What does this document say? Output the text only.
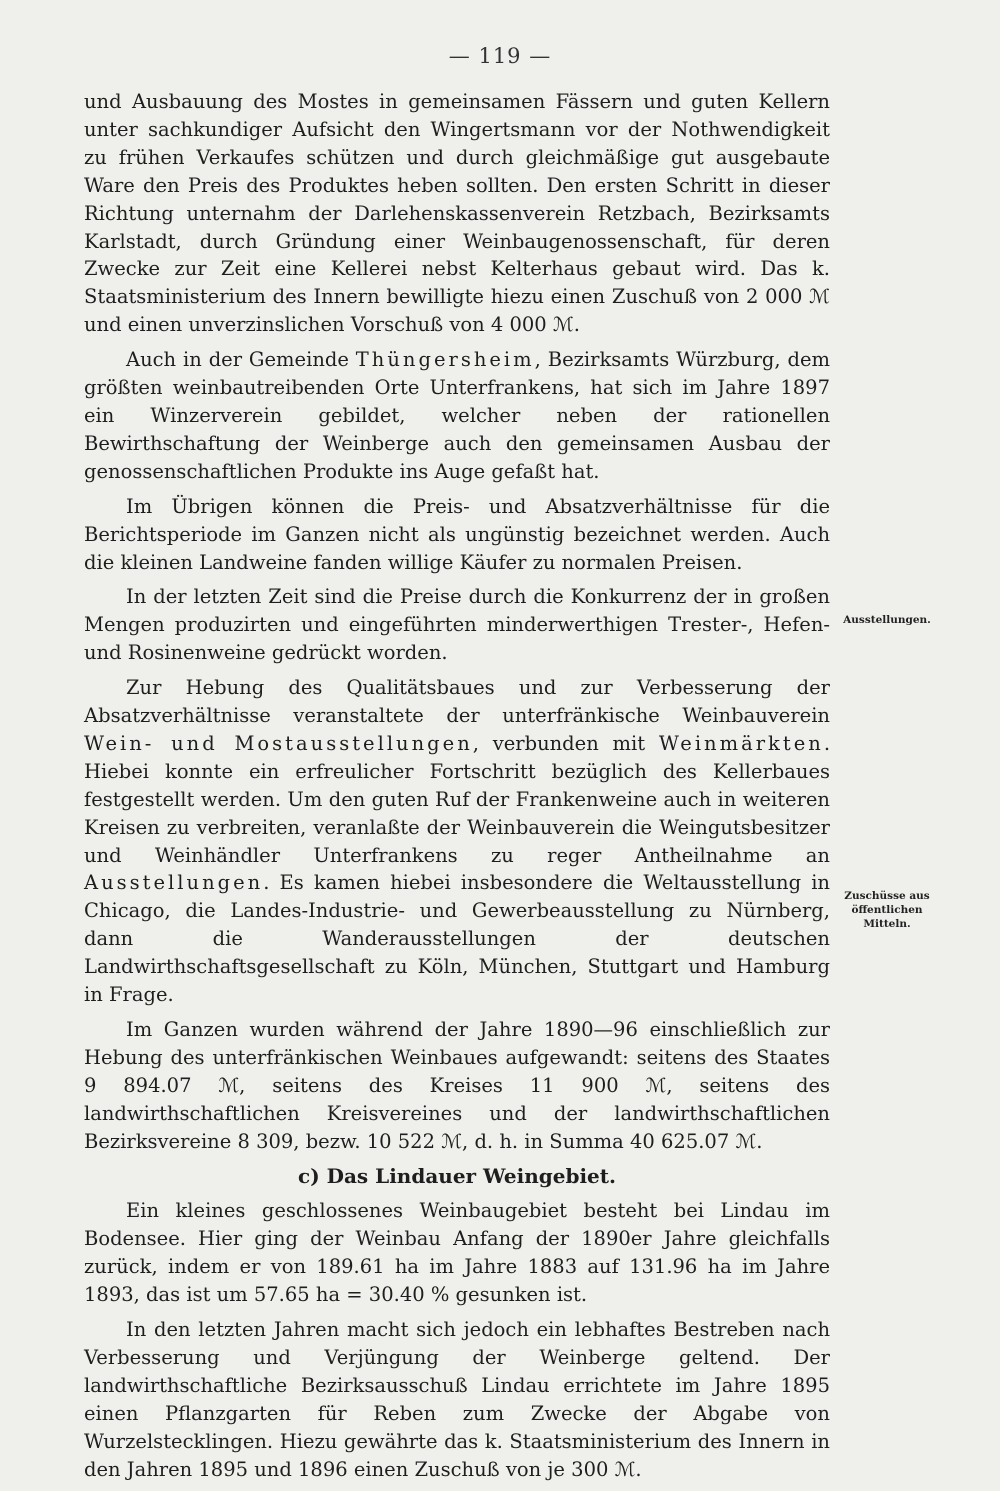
— 119 —

und Ausbauung des Mostes in gemeinsamen Fässern und guten Kellern unter sachkundiger Aufsicht den Wingertsmann vor der Nothwendigkeit zu frühen Verkaufes schützen und durch gleichmäßige gut ausgebaute Ware den Preis des Produktes heben sollten. Den ersten Schritt in dieser Richtung unternahm der Darlehenskassenverein Retzbach, Bezirksamts Karlstadt, durch Gründung einer Weinbaugenossenschaft, für deren Zwecke zur Zeit eine Kellerei nebst Kelterhaus gebaut wird. Das k. Staatsministerium des Innern bewilligte hiezu einen Zuschuß von 2 000 ℳ und einen unverzinslichen Vorschuß von 4 000 ℳ.

Auch in der Gemeinde Thüngersheim, Bezirksamts Würzburg, dem größten weinbautreibenden Orte Unterfrankens, hat sich im Jahre 1897 ein Winzerverein gebildet, welcher neben der rationellen Bewirthschaftung der Weinberge auch den gemeinsamen Ausbau der genossenschaftlichen Produkte ins Auge gefaßt hat.

Im Übrigen können die Preis- und Absatzverhältnisse für die Berichtsperiode im Ganzen nicht als ungünstig bezeichnet werden. Auch die kleinen Landweine fanden willige Käufer zu normalen Preisen.

In der letzten Zeit sind die Preise durch die Konkurrenz der in großen Mengen produzirten und eingeführten minderwerthigen Trester-, Hefen- und Rosinenweine gedrückt worden.

Zur Hebung des Qualitätsbaues und zur Verbesserung der Absatzverhältnisse veranstaltete der unterfränkische Weinbauverein Wein- und Mostausstellungen, verbunden mit Weinmärkten. Hiebei konnte ein erfreulicher Fortschritt bezüglich des Kellerbaues festgestellt werden. Um den guten Ruf der Frankenweine auch in weiteren Kreisen zu verbreiten, veranlaßte der Weinbauverein die Weingutsbesitzer und Weinhändler Unterfrankens zu reger Antheilnahme an Ausstellungen. Es kamen hiebei insbesondere die Weltausstellung in Chicago, die Landes-Industrie- und Gewerbeausstellung zu Nürnberg, dann die Wanderausstellungen der deutschen Landwirthschaftsgesellschaft zu Köln, München, Stuttgart und Hamburg in Frage.

Im Ganzen wurden während der Jahre 1890—96 einschließlich zur Hebung des unterfränkischen Weinbaues aufgewandt: seitens des Staates 9 894.07 ℳ, seitens des Kreises 11 900 ℳ, seitens des landwirthschaftlichen Kreisvereines und der landwirthschaftlichen Bezirksvereine 8 309, bezw. 10 522 ℳ, d. h. in Summa 40 625.07 ℳ.

c) Das Lindauer Weingebiet.

Ein kleines geschlossenes Weinbaugebiet besteht bei Lindau im Bodensee. Hier ging der Weinbau Anfang der 1890er Jahre gleichfalls zurück, indem er von 189.61 ha im Jahre 1883 auf 131.96 ha im Jahre 1893, das ist um 57.65 ha = 30.40 % gesunken ist.

In den letzten Jahren macht sich jedoch ein lebhaftes Bestreben nach Verbesserung und Verjüngung der Weinberge geltend. Der landwirthschaftliche Bezirksausschuß Lindau errichtete im Jahre 1895 einen Pflanzgarten für Reben zum Zwecke der Abgabe von Wurzelstecklingen. Hiezu gewährte das k. Staatsministerium des Innern in den Jahren 1895 und 1896 einen Zuschuß von je 300 ℳ.

Ausstellungen.
Zuschüsse aus
öffentlichen
Mitteln.
